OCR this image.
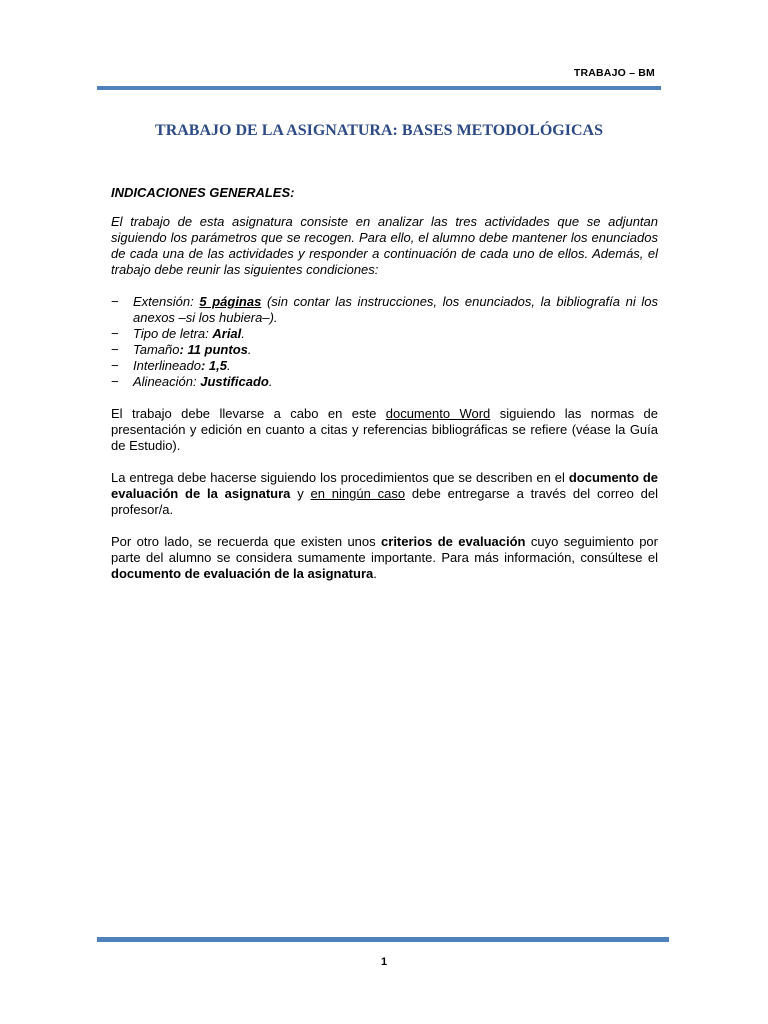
TRABAJO – BM
TRABAJO DE LA ASIGNATURA: BASES METODOLÓGICAS

INDICACIONES GENERALES:

El trabajo de esta asignatura consiste en analizar las tres actividades que se adjuntan siguiendo los parámetros que se recogen. Para ello, el alumno debe mantener los enunciados de cada una de las actividades y responder a continuación de cada uno de ellos. Además, el trabajo debe reunir las siguientes condiciones:

− Extensión: 5 páginas (sin contar las instrucciones, los enunciados, la bibliografía ni los anexos –si los hubiera–).
− Tipo de letra: Arial.
− Tamaño: 11 puntos.
− Interlineado: 1,5.
− Alineación: Justificado.

El trabajo debe llevarse a cabo en este documento Word siguiendo las normas de presentación y edición en cuanto a citas y referencias bibliográficas se refiere (véase la Guía de Estudio).

La entrega debe hacerse siguiendo los procedimientos que se describen en el documento de evaluación de la asignatura y en ningún caso debe entregarse a través del correo del profesor/a.

Por otro lado, se recuerda que existen unos criterios de evaluación cuyo seguimiento por parte del alumno se considera sumamente importante. Para más información, consúltese el documento de evaluación de la asignatura.

1
